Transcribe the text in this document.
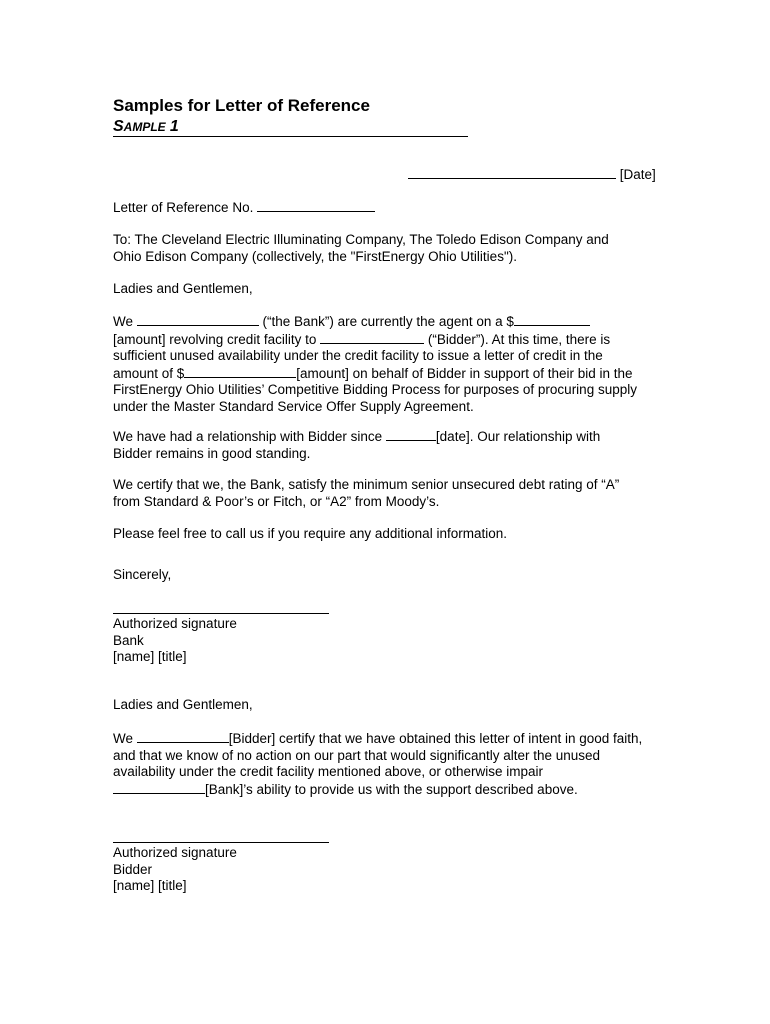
Samples for Letter of Reference
SAMPLE 1
[Date]
Letter of Reference No.
To: The Cleveland Electric Illuminating Company, The Toledo Edison Company and
Ohio Edison Company (collectively, the "FirstEnergy Ohio Utilities").
Ladies and Gentlemen,
We	(“the Bank”) are currently the agent on a $
[amount] revolving credit facility to	(“Bidder”). At this time, there is
sufficient unused availability under the credit facility to issue a letter of credit in the
amount of $	[amount] on behalf of Bidder in support of their bid in the
FirstEnergy Ohio Utilities’ Competitive Bidding Process for purposes of procuring supply
under the Master Standard Service Offer Supply Agreement.
We have had a relationship with Bidder since	[date]. Our relationship with
Bidder remains in good standing.
We certify that we, the Bank, satisfy the minimum senior unsecured debt rating of “A”
from Standard & Poor’s or Fitch, or “A2” from Moody’s.
Please feel free to call us if you require any additional information.
Sincerely,
Authorized signature
Bank
[name] [title]
Ladies and Gentlemen,
We	[Bidder] certify that we have obtained this letter of intent in good faith,
and that we know of no action on our part that would significantly alter the unused
availability under the credit facility mentioned above, or otherwise impair
[Bank]’s ability to provide us with the support described above.
Authorized signature
Bidder
[name] [title]
